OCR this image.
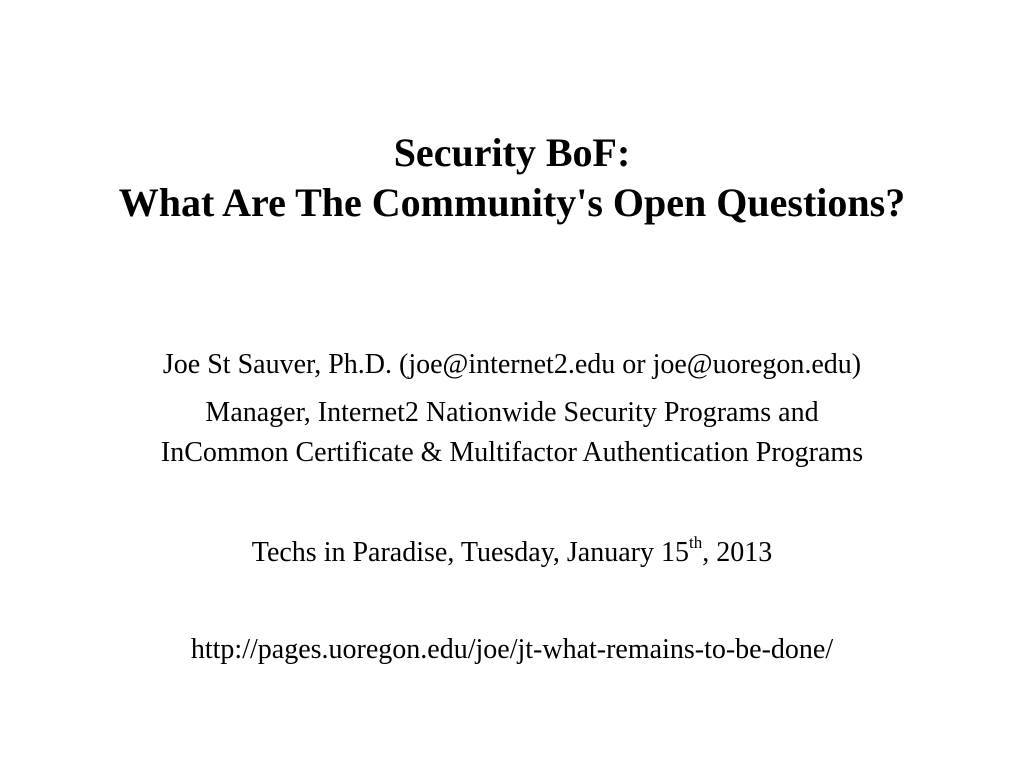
Security BoF:
What Are The Community's Open Questions?
Joe St Sauver, Ph.D. (joe@internet2.edu or joe@uoregon.edu)
Manager, Internet2 Nationwide Security Programs and
InCommon Certificate & Multifactor Authentication Programs
Techs in Paradise, Tuesday, January 15th, 2013
http://pages.uoregon.edu/joe/jt-what-remains-to-be-done/
